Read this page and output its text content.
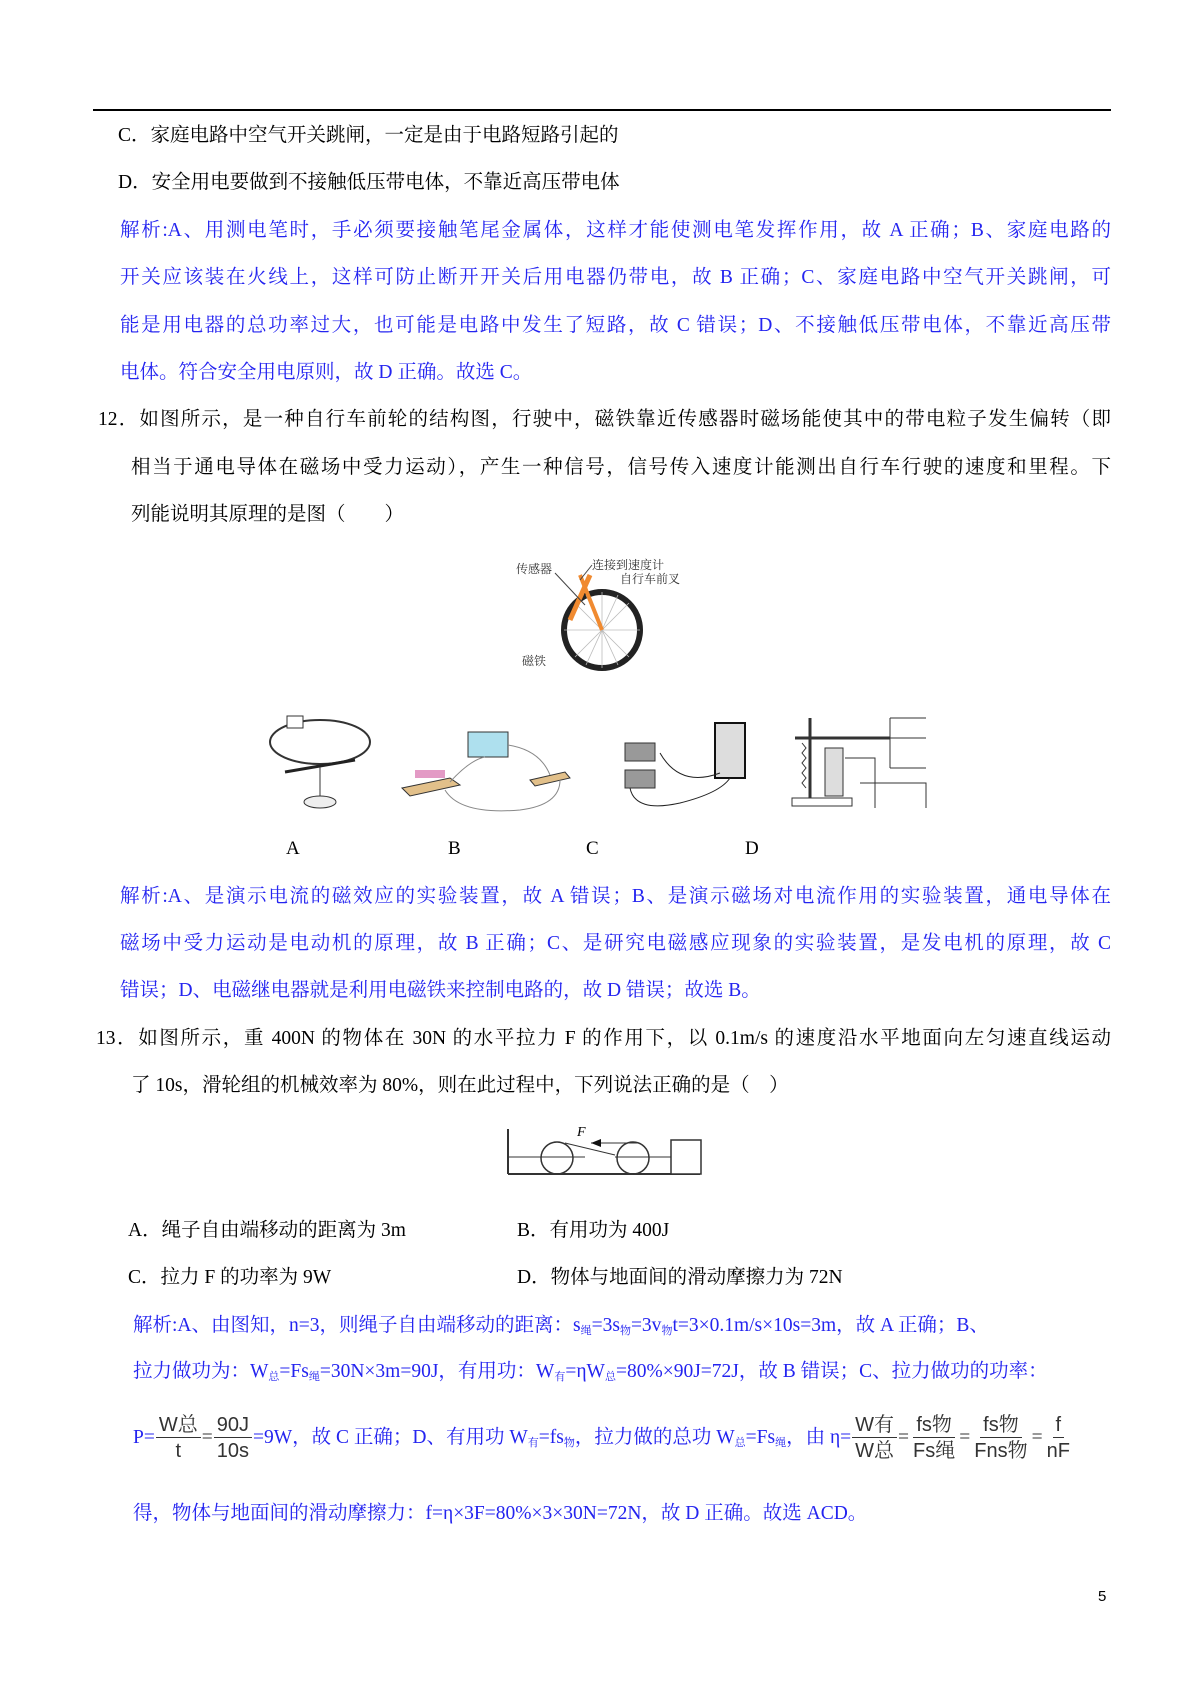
C．家庭电路中空气开关跳闸，一定是由于电路短路引起的
D．安全用电要做到不接触低压带电体，不靠近高压带电体
解析:A、用测电笔时，手必须要接触笔尾金属体，这样才能使测电笔发挥作用，故 A 正确；B、家庭电路的
开关应该装在火线上，这样可防止断开开关后用电器仍带电，故 B 正确；C、家庭电路中空气开关跳闸，可
能是用电器的总功率过大，也可能是电路中发生了短路，故 C 错误；D、不接触低压带电体，不靠近高压带
电体。符合安全用电原则，故 D 正确。故选 C。
12．如图所示，是一种自行车前轮的结构图，行驶中，磁铁靠近传感器时磁场能使其中的带电粒子发生偏转（即
相当于通电导体在磁场中受力运动），产生一种信号，信号传入速度计能测出自行车行驶的速度和里程。下
列能说明其原理的是图（　　）
传感器	连接到速度计
自行车前叉
磁铁
A	B	C	D
解析:A、是演示电流的磁效应的实验装置，故 A 错误；B、是演示磁场对电流作用的实验装置，通电导体在
磁场中受力运动是电动机的原理，故 B 正确；C、是研究电磁感应现象的实验装置，是发电机的原理，故 C
错误；D、电磁继电器就是利用电磁铁来控制电路的，故 D 错误；故选 B。
13．如图所示，重 400N 的物体在 30N 的水平拉力 F 的作用下，以 0.1m/s 的速度沿水平地面向左匀速直线运动
了 10s，滑轮组的机械效率为 80%，则在此过程中，下列说法正确的是（　）
F
A．绳子自由端移动的距离为 3m	B．有用功为 400J
C．拉力 F 的功率为 9W	D．物体与地面间的滑动摩擦力为 72N
解析:A、由图知，n=3，则绳子自由端移动的距离：$s_绳=3s_物=3v_物t=3\times 0.1m/s\times 10s=3m$，故 A 正确；B、
拉力做功为：$W_总=Fs_绳=30N\times 3m=90J$，有用功：$W_有=\eta W_总=80\%\times 90J=72J$，故 B 错误；C、拉力做功的功率：
$P= \frac{\text{W总}}{t} = \frac{90J}{10s} =9W$，故 C 正确；D、有用功 $W_有=fs_物$，拉力做的总功 $W_总=Fs_绳$，由 $\eta= \frac{\text{W有}}{\text{W总}} = \frac{\text{fs物}}{\text{Fs绳}} = \frac{\text{fs物}}{\text{Fns物}} = \frac{f}{nF}$
得，物体与地面间的滑动摩擦力：f=η×3F=80%×3×30N=72N，故 D 正确。故选 ACD。
5
